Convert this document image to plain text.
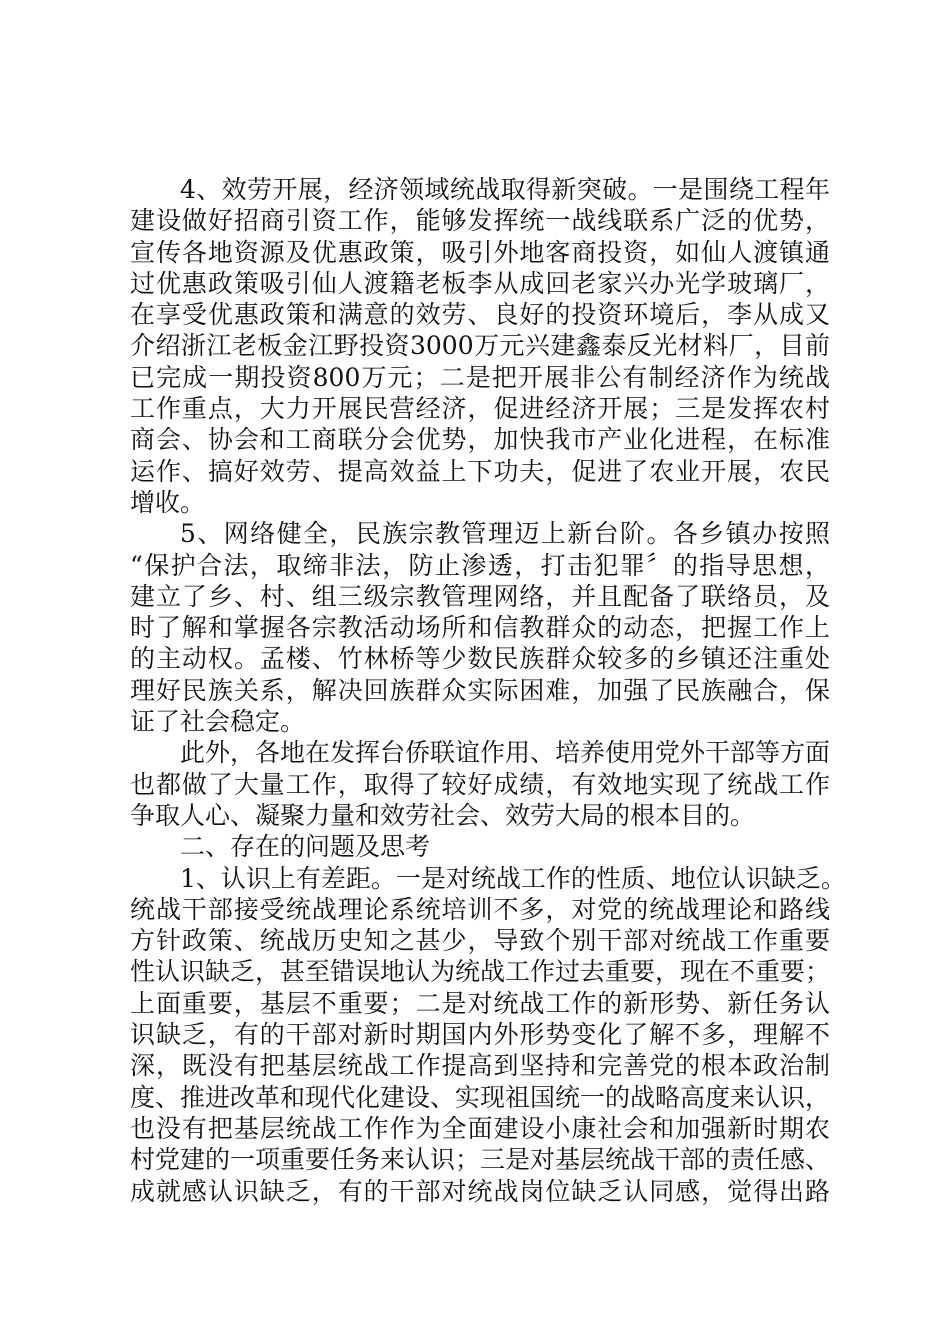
4、效劳开展，经济领域统战取得新突破。一是围绕工程年
建设做好招商引资工作，能够发挥统一战线联系广泛的优势，
宣传各地资源及优惠政策，吸引外地客商投资，如仙人渡镇通
过优惠政策吸引仙人渡籍老板李从成回老家兴办光学玻璃厂，
在享受优惠政策和满意的效劳、良好的投资环境后，李从成又
介绍浙江老板金江野投资3000万元兴建鑫泰反光材料厂，目前
已完成一期投资800万元；二是把开展非公有制经济作为统战
工作重点，大力开展民营经济，促进经济开展；三是发挥农村
商会、协会和工商联分会优势，加快我市产业化进程，在标准
运作、搞好效劳、提高效益上下功夫，促进了农业开展，农民
增收。
5、网络健全，民族宗教管理迈上新台阶。各乡镇办按照
“保护合法，取缔非法，防止渗透，打击犯罪〞的指导思想，
建立了乡、村、组三级宗教管理网络，并且配备了联络员，及
时了解和掌握各宗教活动场所和信教群众的动态，把握工作上
的主动权。孟楼、竹林桥等少数民族群众较多的乡镇还注重处
理好民族关系，解决回族群众实际困难，加强了民族融合，保
证了社会稳定。
此外，各地在发挥台侨联谊作用、培养使用党外干部等方面
也都做了大量工作，取得了较好成绩，有效地实现了统战工作
争取人心、凝聚力量和效劳社会、效劳大局的根本目的。
二、存在的问题及思考
1、认识上有差距。一是对统战工作的性质、地位认识缺乏。
统战干部接受统战理论系统培训不多，对党的统战理论和路线
方针政策、统战历史知之甚少，导致个别干部对统战工作重要
性认识缺乏，甚至错误地认为统战工作过去重要，现在不重要；
上面重要，基层不重要；二是对统战工作的新形势、新任务认
识缺乏，有的干部对新时期国内外形势变化了解不多，理解不
深，既没有把基层统战工作提高到坚持和完善党的根本政治制
度、推进改革和现代化建设、实现祖国统一的战略高度来认识，
也没有把基层统战工作作为全面建设小康社会和加强新时期农
村党建的一项重要任务来认识；三是对基层统战干部的责任感、
成就感认识缺乏，有的干部对统战岗位缺乏认同感，觉得出路
